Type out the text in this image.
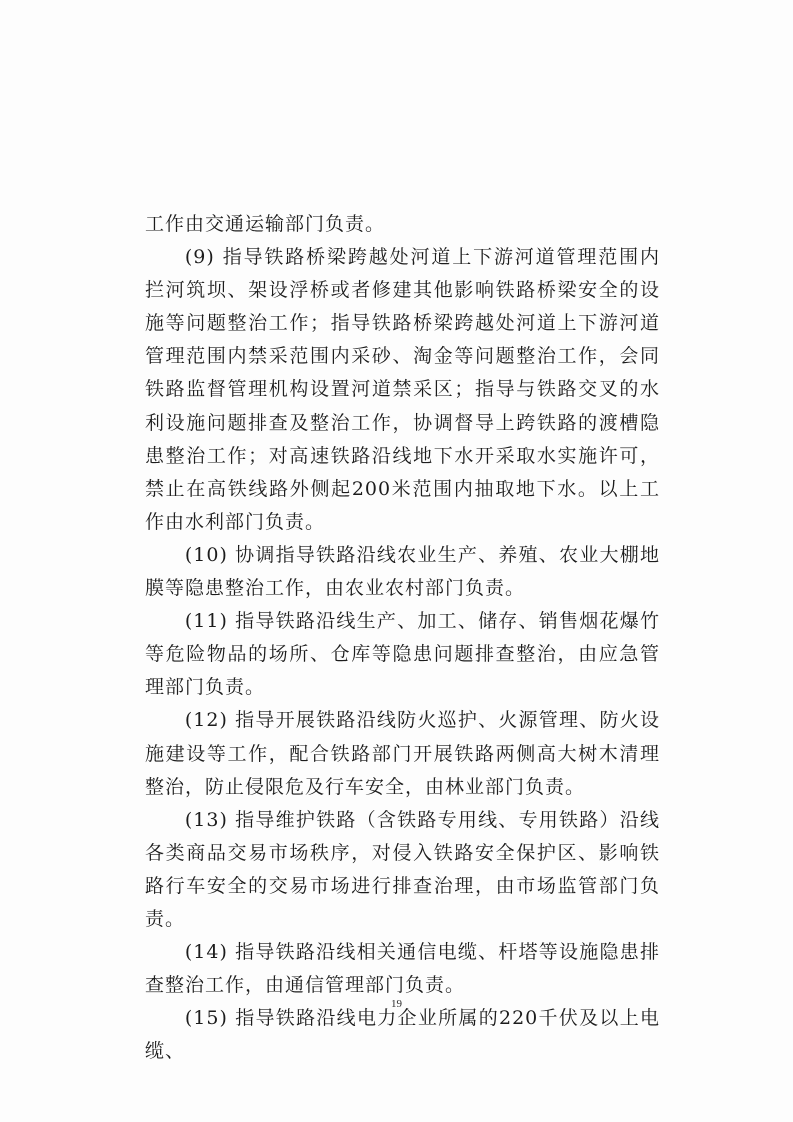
工作由交通运输部门负责。

(9) 指导铁路桥梁跨越处河道上下游河道管理范围内拦河筑坝、架设浮桥或者修建其他影响铁路桥梁安全的设施等问题整治工作；指导铁路桥梁跨越处河道上下游河道管理范围内禁采范围内采砂、淘金等问题整治工作，会同铁路监督管理机构设置河道禁采区；指导与铁路交叉的水利设施问题排查及整治工作，协调督导上跨铁路的渡槽隐患整治工作；对高速铁路沿线地下水开采取水实施许可，禁止在高铁线路外侧起200米范围内抽取地下水。以上工作由水利部门负责。

(10) 协调指导铁路沿线农业生产、养殖、农业大棚地膜等隐患整治工作，由农业农村部门负责。

(11) 指导铁路沿线生产、加工、储存、销售烟花爆竹等危险物品的场所、仓库等隐患问题排查整治，由应急管理部门负责。

(12) 指导开展铁路沿线防火巡护、火源管理、防火设施建设等工作，配合铁路部门开展铁路两侧高大树木清理整治，防止侵限危及行车安全，由林业部门负责。

(13) 指导维护铁路（含铁路专用线、专用铁路）沿线各类商品交易市场秩序，对侵入铁路安全保护区、影响铁路行车安全的交易市场进行排查治理，由市场监管部门负责。

(14) 指导铁路沿线相关通信电缆、杆塔等设施隐患排查整治工作，由通信管理部门负责。

(15) 指导铁路沿线电力企业所属的220千伏及以上电缆、

19
